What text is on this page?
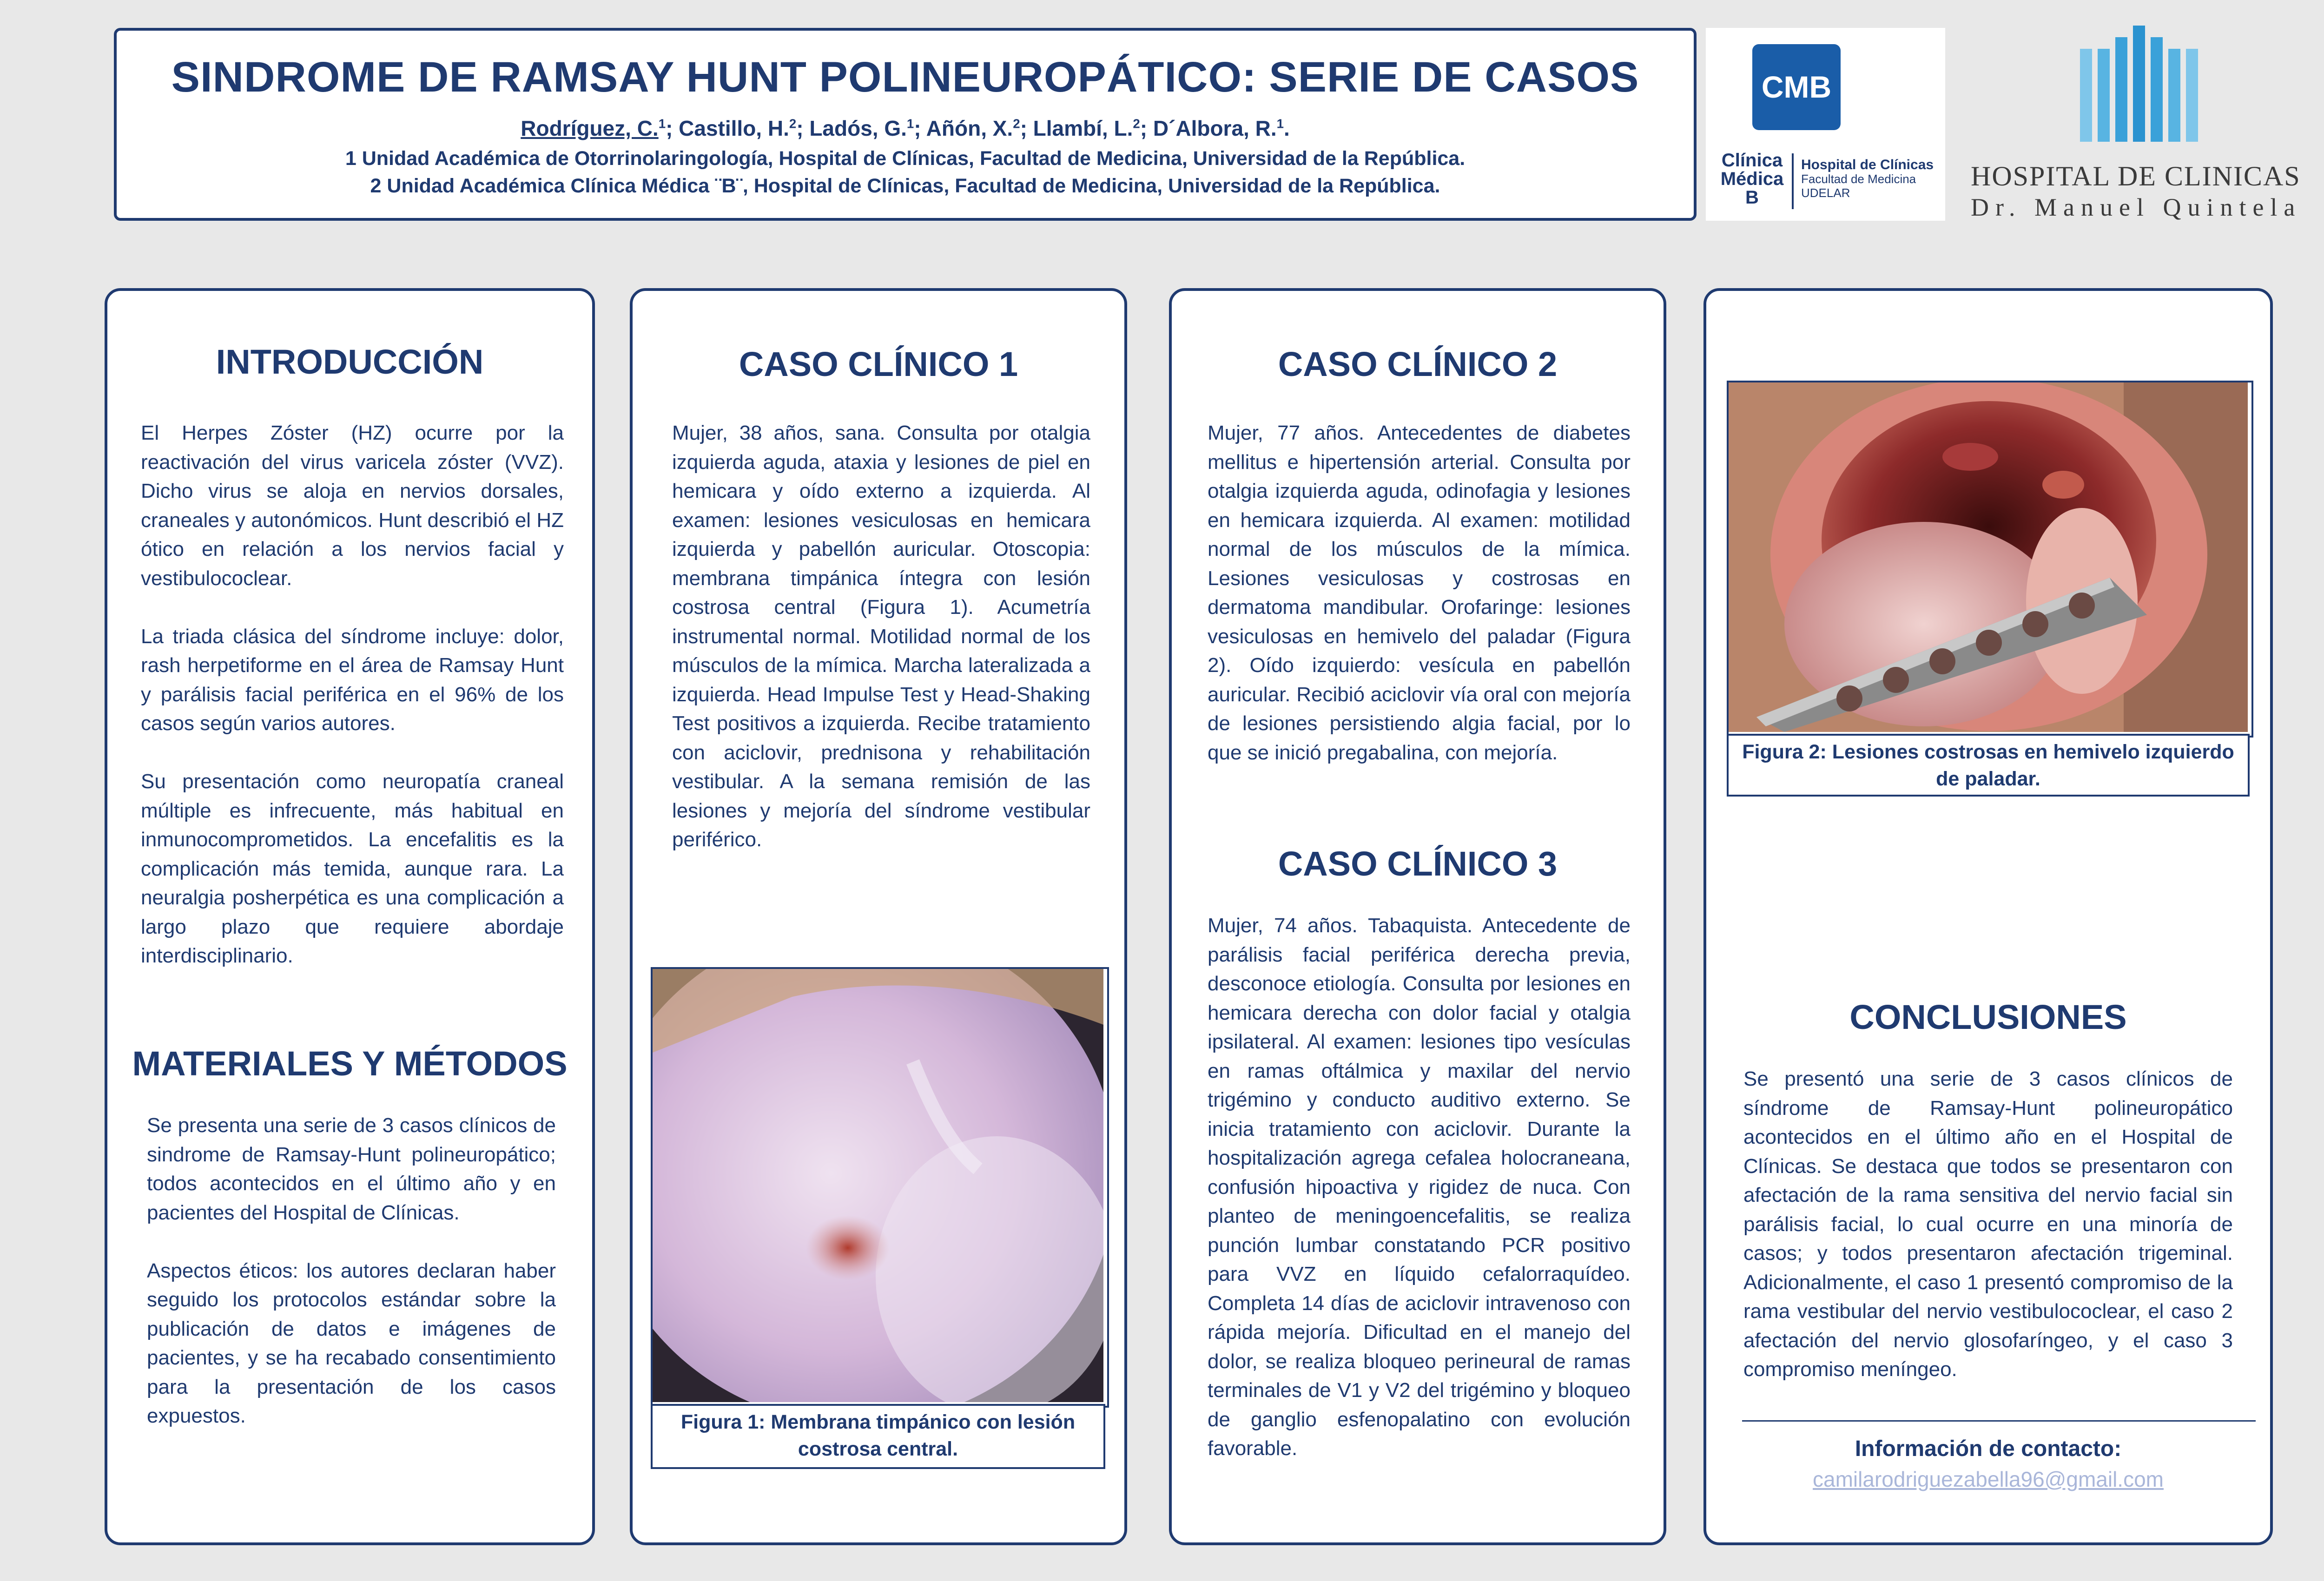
SINDROME DE RAMSAY HUNT POLINEUROPÁTICO: SERIE DE CASOS
Rodríguez, C.$^1$; Castillo, H.$^2$; Ladós, G.$^1$; Añón, X.$^2$; Llambí, L.$^2$; D´Albora, R.$^1$.
1 Unidad Académica de Otorrinolaringología, Hospital de Clínicas, Facultad de Medicina, Universidad de la República.
2 Unidad Académica Clínica Médica ¨B¨, Hospital de Clínicas, Facultad de Medicina, Universidad de la República.
CMB
Clínica
Médica
B
Hospital de Clínicas
Facultad de Medicina
UDELAR
HOSPITAL DE CLINICAS
Dr. Manuel Quintela
INTRODUCCIÓN

El Herpes Zóster (HZ) ocurre por la reactivación del virus varicela zóster (VVZ). Dicho virus se aloja en nervios dorsales, craneales y autonómicos. Hunt describió el HZ ótico en relación a los nervios facial y vestibulococlear.

La triada clásica del síndrome incluye: dolor, rash herpetiforme en el área de Ramsay Hunt y parálisis facial periférica en el 96% de los casos según varios autores.

Su presentación como neuropatía craneal múltiple es infrecuente, más habitual en inmunocomprometidos. La encefalitis es la complicación más temida, aunque rara. La neuralgia posherpética es una complicación a largo plazo que requiere abordaje interdisciplinario.

MATERIALES Y MÉTODOS

Se presenta una serie de 3 casos clínicos de sindrome de Ramsay-Hunt polineuropático; todos acontecidos en el último año y en pacientes del Hospital de Clínicas.

Aspectos éticos: los autores declaran haber seguido los protocolos estándar sobre la publicación de datos e imágenes de pacientes, y se ha recabado consentimiento para la presentación de los casos expuestos.

CASO CLÍNICO 1
Mujer, 38 años, sana. Consulta por otalgia izquierda aguda, ataxia y lesiones de piel en hemicara y oído externo a izquierda. Al examen: lesiones vesiculosas en hemicara izquierda y pabellón auricular. Otoscopia: membrana timpánica íntegra con lesión costrosa central (Figura 1). Acumetría instrumental normal. Motilidad normal de los músculos de la mímica. Marcha lateralizada a izquierda. Head Impulse Test y Head-Shaking Test positivos a izquierda. Recibe tratamiento con aciclovir, prednisona y rehabilitación vestibular. A la semana remisión de las lesiones y mejoría del síndrome vestibular periférico.
Figura 1: Membrana timpánico con lesión costrosa central.
CASO CLÍNICO 2
Mujer, 77 años. Antecedentes de diabetes mellitus e hipertensión arterial. Consulta por otalgia izquierda aguda, odinofagia y lesiones en hemicara izquierda. Al examen: motilidad normal de los músculos de la mímica. Lesiones vesiculosas y costrosas en dermatoma mandibular. Orofaringe: lesiones vesiculosas en hemivelo del paladar (Figura 2). Oído izquierdo: vesícula en pabellón auricular. Recibió aciclovir vía oral con mejoría de lesiones persistiendo algia facial, por lo que se inició pregabalina, con mejoría.
CASO CLÍNICO 3
Mujer, 74 años. Tabaquista. Antecedente de parálisis facial periférica derecha previa, desconoce etiología. Consulta por lesiones en hemicara derecha con dolor facial y otalgia ipsilateral. Al examen: lesiones tipo vesículas en ramas oftálmica y maxilar del nervio trigémino y conducto auditivo externo. Se inicia tratamiento con aciclovir. Durante la hospitalización agrega cefalea holocraneana, confusión hipoactiva y rigidez de nuca. Con planteo de meningoencefalitis, se realiza punción lumbar constatando PCR positivo para VVZ en líquido cefalorraquídeo. Completa 14 días de aciclovir intravenoso con rápida mejoría. Dificultad en el manejo del dolor, se realiza bloqueo perineural de ramas terminales de V1 y V2 del trigémino y bloqueo de ganglio esfenopalatino con evolución favorable.
Figura 2: Lesiones costrosas en hemivelo izquierdo de paladar.
CONCLUSIONES
Se presentó una serie de 3 casos clínicos de síndrome de Ramsay-Hunt polineuropático acontecidos en el último año en el Hospital de Clínicas. Se destaca que todos se presentaron con afectación de la rama sensitiva del nervio facial sin parálisis facial, lo cual ocurre en una minoría de casos; y todos presentaron afectación trigeminal. Adicionalmente, el caso 1 presentó compromiso de la rama vestibular del nervio vestibulococlear, el caso 2 afectación del nervio glosofaríngeo, y el caso 3 compromiso meníngeo.
Información de contacto:
camilarodriguezabella96@gmail.com
